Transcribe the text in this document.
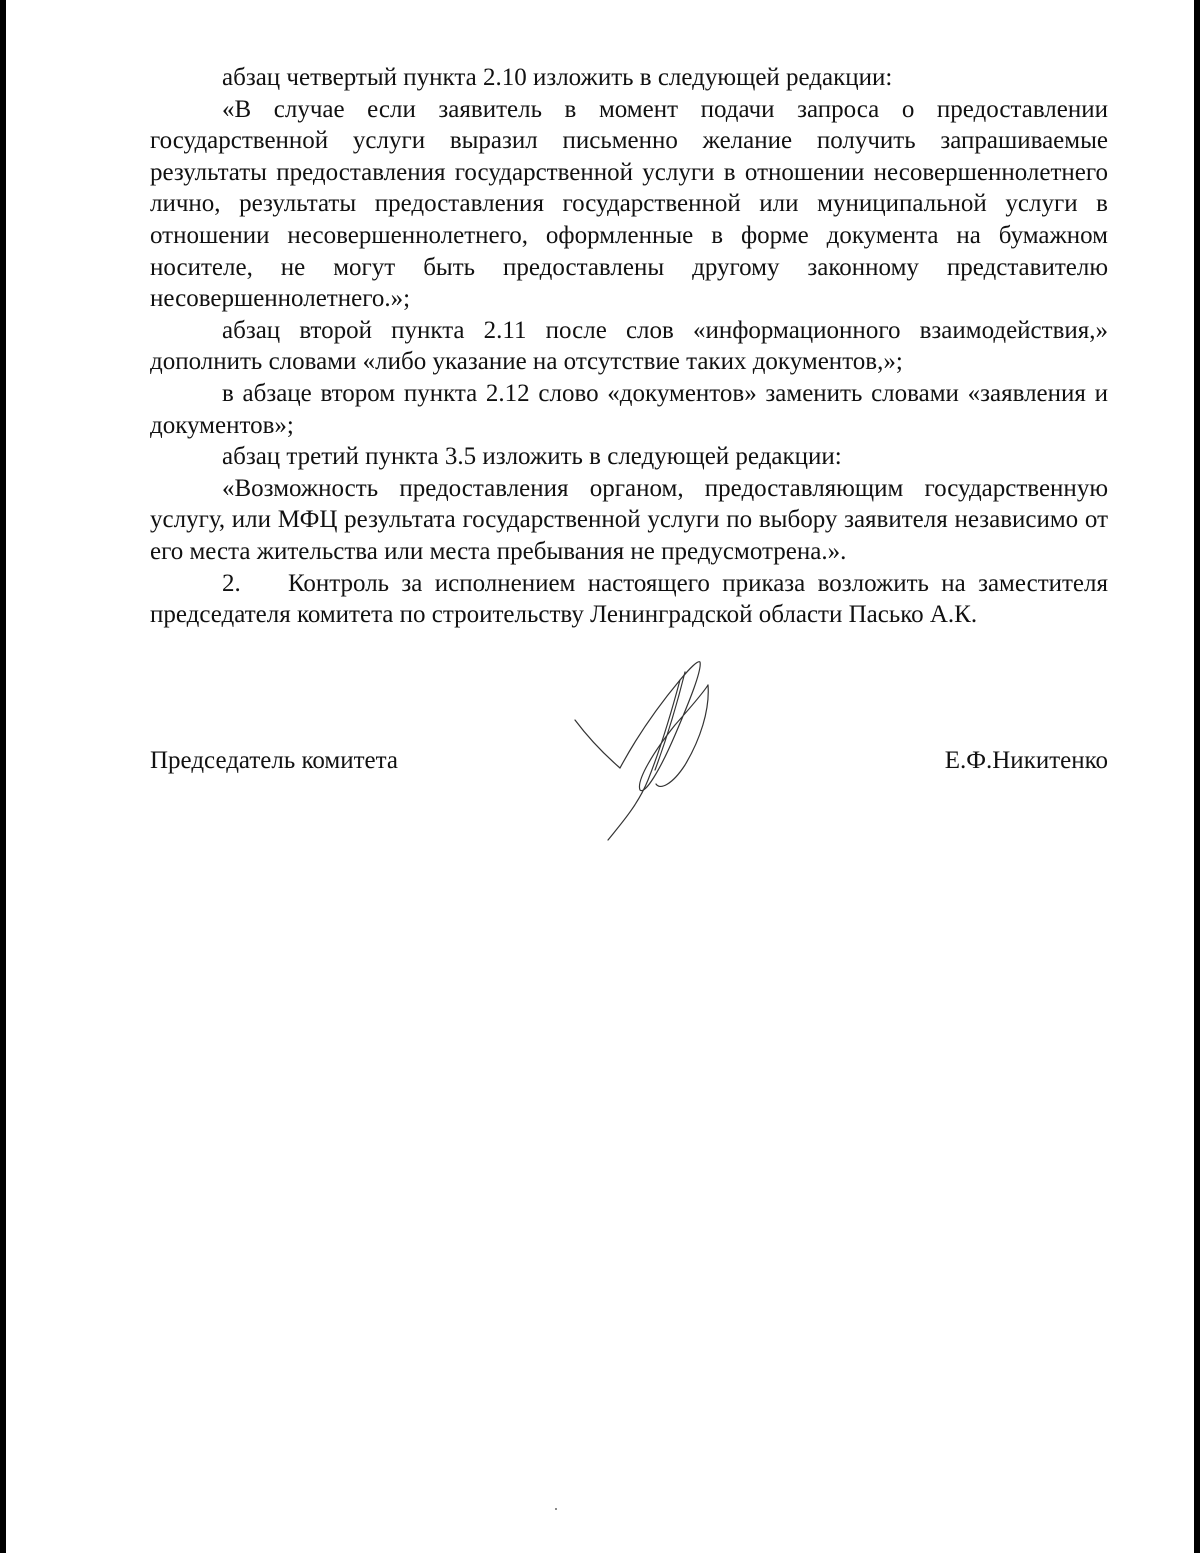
абзац четвертый пункта 2.10 изложить в следующей редакции:

«В случае если заявитель в момент подачи запроса о предоставлении государственной услуги выразил письменно желание получить запрашиваемые результаты предоставления государственной услуги в отношении несовершеннолетнего лично, результаты предоставления государственной или муниципальной услуги в отношении несовершеннолетнего, оформленные в форме документа на бумажном носителе, не могут быть предоставлены другому законному представителю несовершеннолетнего.»;

абзац второй пункта 2.11 после слов «информационного взаимодействия,» дополнить словами «либо указание на отсутствие таких документов,»;

в абзаце втором пункта 2.12 слово «документов» заменить словами «заявления и документов»;

абзац третий пункта 3.5 изложить в следующей редакции:

«Возможность предоставления органом, предоставляющим государственную услугу, или МФЦ результата государственной услуги по выбору заявителя независимо от его места жительства или места пребывания не предусмотрена.».

2. Контроль за исполнением настоящего приказа возложить на заместителя председателя комитета по строительству Ленинградской области Пасько А.К.

Председатель комитета	Е.Ф.Никитенко
